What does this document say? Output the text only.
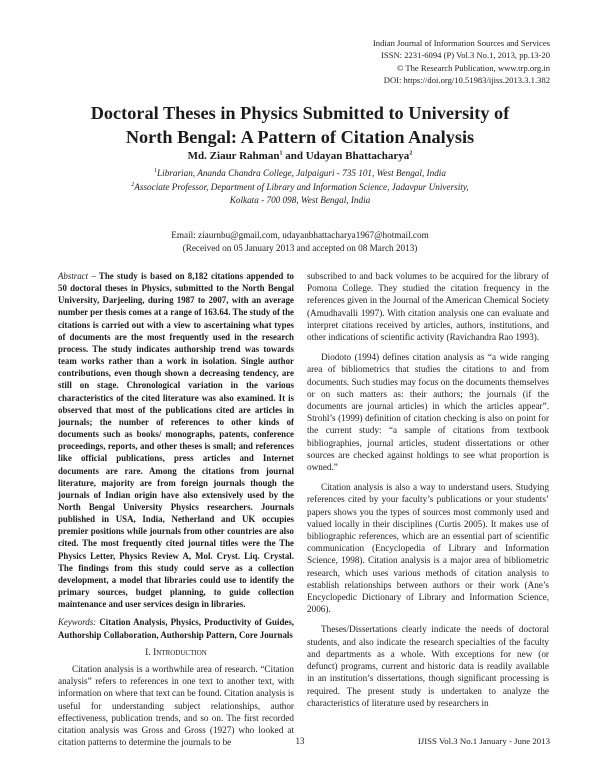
Indian Journal of Information Sources and Services
ISSN: 2231-6094 (P) Vol.3 No.1, 2013, pp.13-20
© The Research Publication, www.trp.org.in
DOI: https://doi.org/10.51983/ijiss.2013.3.1.382
Doctoral Theses in Physics Submitted to University of
North Bengal: A Pattern of Citation Analysis
Md. Ziaur Rahman$^1$ and Udayan Bhattacharya$^2$
$^1$Librarian, Ananda Chandra College, Jalpaiguri - 735 101, West Bengal, India
$^2$Associate Professor, Department of Library and Information Science, Jadavpur University,
Kolkata - 700 098, West Bengal, India
Email: ziaurnbu@gmail.com, udayanbhattacharya1967@hotmail.com
(Received on 05 January 2013 and accepted on 08 March 2013)

Abstract – The study is based on 8,182 citations appended to 50 doctoral theses in Physics, submitted to the North Bengal University, Darjeeling, during 1987 to 2007, with an average number per thesis comes at a range of 163.64. The study of the citations is carried out with a view to ascertaining what types of documents are the most frequently used in the research process. The study indicates authorship trend was towards team works rather than a work in isolation. Single author contributions, even though shown a decreasing tendency, are still on stage. Chronological variation in the various characteristics of the cited literature was also examined. It is observed that most of the publications cited are articles in journals; the number of references to other kinds of documents such as books/ monographs, patents, conference proceedings, reports, and other theses is small; and references like official publications, press articles and Internet documents are rare. Among the citations from journal literature, majority are from foreign journals though the journals of Indian origin have also extensively used by the North Bengal University Physics researchers. Journals published in USA, India, Netherland and UK occupies premier positions while journals from other countries are also cited. The most frequently cited journal titles were the The Physics Letter, Physics Review A, Mol. Cryst. Liq. Crystal. The findings from this study could serve as a collection development, a model that libraries could use to identify the primary sources, budget planning, to guide collection maintenance and user services design in libraries.

Keywords: Citation Analysis, Physics, Productivity of Guides, Authorship Collaboration, Authorship Pattern, Core Journals

I. Introduction

Citation analysis is a worthwhile area of research. “Citation analysis” refers to references in one text to another text, with information on where that text can be found. Citation analysis is useful for understanding subject relationships, author effectiveness, publication trends, and so on. The first recorded citation analysis was Gross and Gross (1927) who looked at citation patterns to determine the journals to be

subscribed to and back volumes to be acquired for the library of Pomona College. They studied the citation frequency in the references given in the Journal of the American Chemical Society (Amudhavalli 1997). With citation analysis one can evaluate and interpret citations received by articles, authors, institutions, and other indications of scientific activity (Ravichandra Rao 1993).

Diodoto (1994) defines citation analysis as “a wide ranging area of bibliometrics that studies the citations to and from documents. Such studies may focus on the documents themselves or on such matters as: their authors; the journals (if the documents are journal articles) in which the articles appear”. Strohl’s (1999) definition of citation checking is also on point for the current study: “a sample of citations from textbook bibliographies, journal articles, student dissertations or other sources are checked against holdings to see what proportion is owned.”

Citation analysis is also a way to understand users. Studying references cited by your faculty’s publications or your students’ papers shows you the types of sources most commonly used and valued locally in their disciplines (Curtis 2005). It makes use of bibliographic references, which are an essential part of scientific communication (Encyclopedia of Library and Information Science, 1998). Citation analysis is a major area of bibliometric research, which uses various methods of citation analysis to establish relationships between authors or their work (Ane’s Encyclopedic Dictionary of Library and Information Science, 2006).

Theses/Dissertations clearly indicate the needs of doctoral students, and also indicate the research specialties of the faculty and departments as a whole. With exceptions for new (or defunct) programs, current and historic data is readily available in an institution’s dissertations, though significant processing is required. The present study is undertaken to analyze the characteristics of literature used by researchers in

13	IJISS Vol.3 No.1 January - June 2013
